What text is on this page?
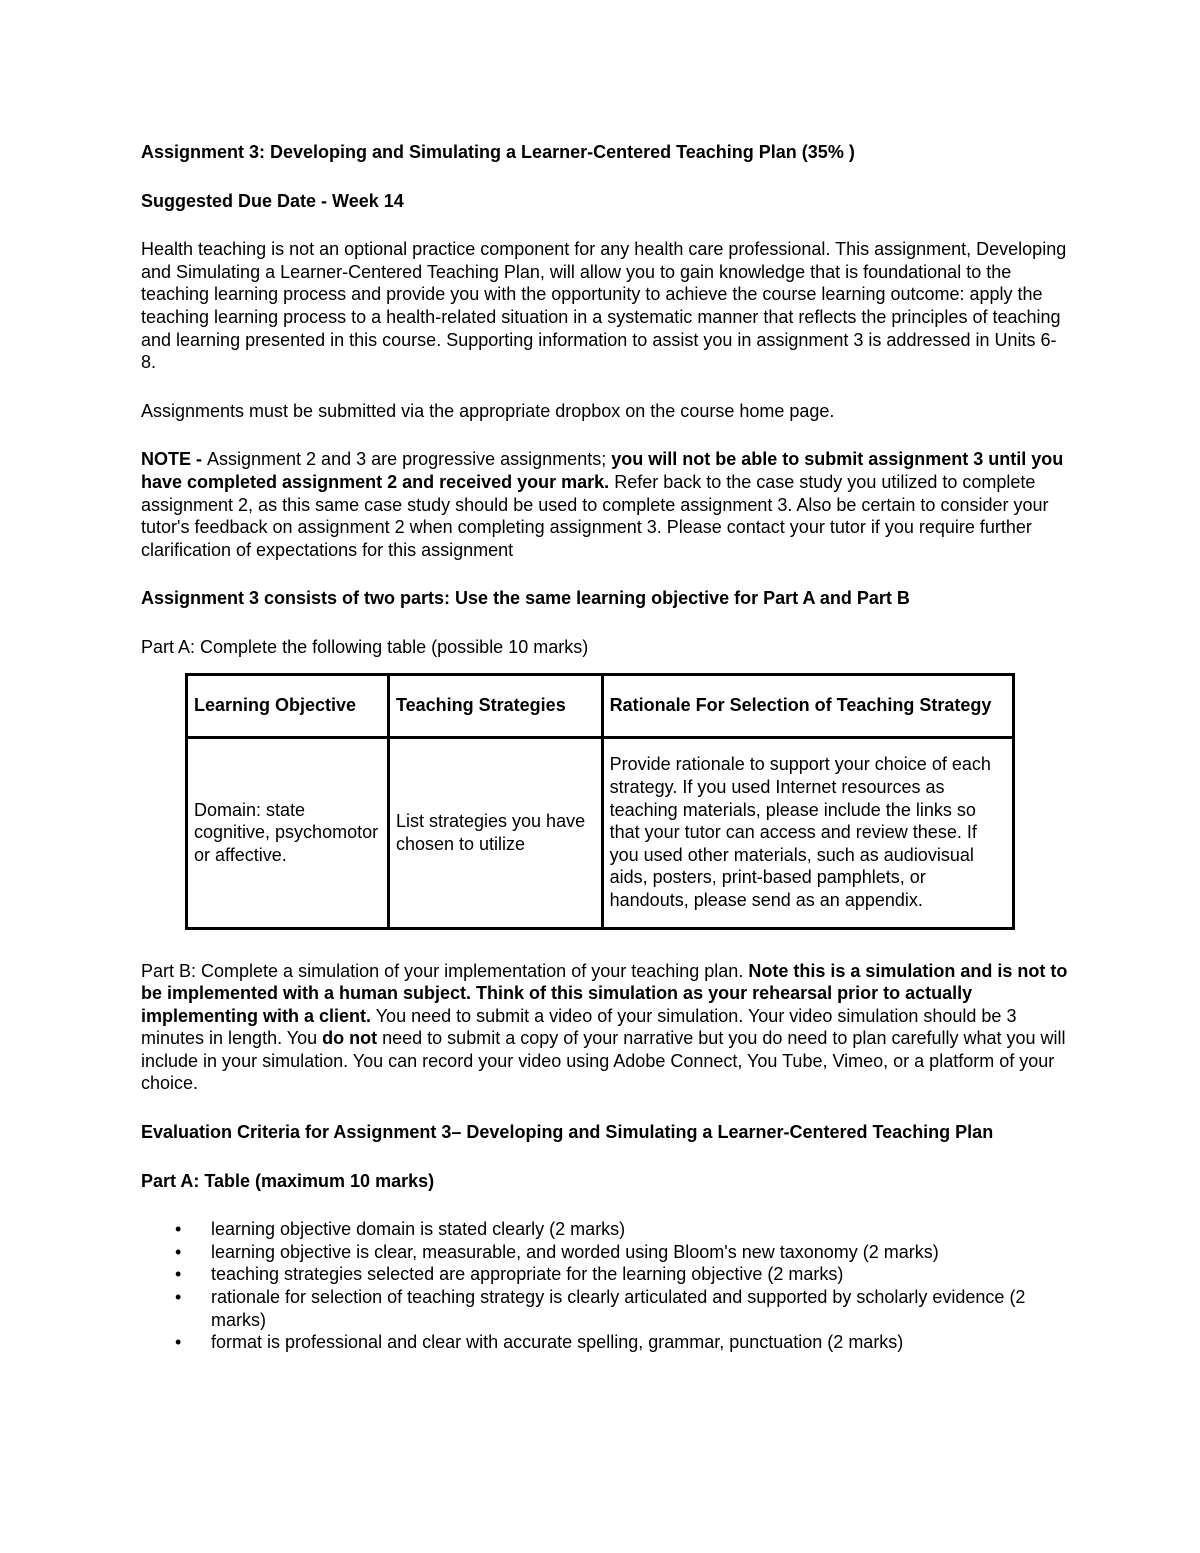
Assignment 3: Developing and Simulating a Learner-Centered Teaching Plan (35% )

Suggested Due Date - Week 14

Health teaching is not an optional practice component for any health care professional. This assignment, Developing and Simulating a Learner-Centered Teaching Plan, will allow you to gain knowledge that is foundational to the teaching learning process and provide you with the opportunity to achieve the course learning outcome: apply the teaching learning process to a health-related situation in a systematic manner that reflects the principles of teaching and learning presented in this course. Supporting information to assist you in assignment 3 is addressed in Units 6-8.

Assignments must be submitted via the appropriate dropbox on the course home page.

NOTE - Assignment 2 and 3 are progressive assignments; you will not be able to submit assignment 3 until you have completed assignment 2 and received your mark. Refer back to the case study you utilized to complete assignment 2, as this same case study should be used to complete assignment 3. Also be certain to consider your tutor's feedback on assignment 2 when completing assignment 3. Please contact your tutor if you require further clarification of expectations for this assignment

Assignment 3 consists of two parts: Use the same learning objective for Part A and Part B

Part A: Complete the following table (possible 10 marks)

Learning Objective	Teaching Strategies	Rationale For Selection of Teaching Strategy
Domain: state cognitive, psychomotor or affective.	List strategies you have chosen to utilize	Provide rationale to support your choice of each strategy. If you used Internet resources as teaching materials, please include the links so that your tutor can access and review these. If you used other materials, such as audiovisual aids, posters, print-based pamphlets, or handouts, please send as an appendix.

Part B: Complete a simulation of your implementation of your teaching plan. Note this is a simulation and is not to be implemented with a human subject. Think of this simulation as your rehearsal prior to actually implementing with a client. You need to submit a video of your simulation. Your video simulation should be 3 minutes in length. You do not need to submit a copy of your narrative but you do need to plan carefully what you will include in your simulation. You can record your video using Adobe Connect, You Tube, Vimeo, or a platform of your choice.

Evaluation Criteria for Assignment 3– Developing and Simulating a Learner-Centered Teaching Plan

Part A: Table (maximum 10 marks)

• learning objective domain is stated clearly (2 marks)
• learning objective is clear, measurable, and worded using Bloom's new taxonomy (2 marks)
• teaching strategies selected are appropriate for the learning objective (2 marks)
• rationale for selection of teaching strategy is clearly articulated and supported by scholarly evidence (2 marks)
• format is professional and clear with accurate spelling, grammar, punctuation (2 marks)
